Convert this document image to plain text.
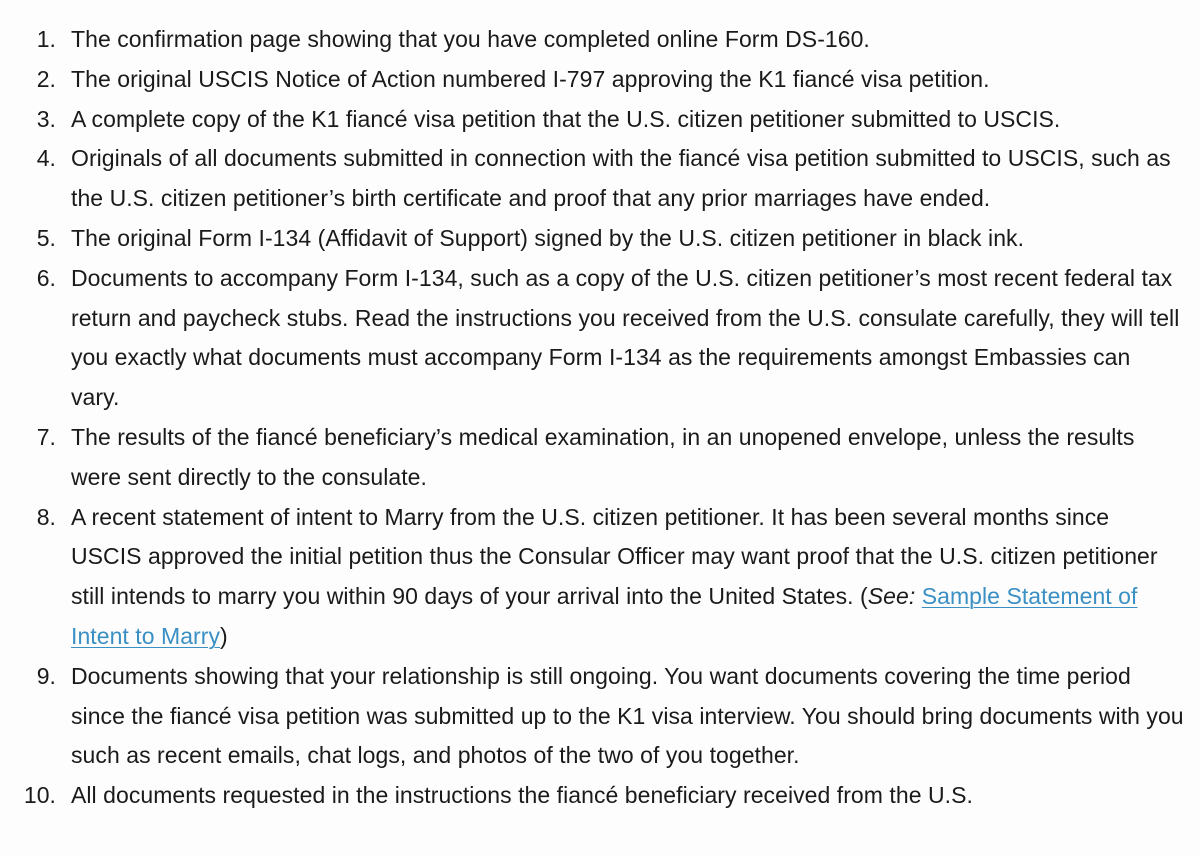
1. The confirmation page showing that you have completed online Form DS-160.
2. The original USCIS Notice of Action numbered I-797 approving the K1 fiancé visa petition.
3. A complete copy of the K1 fiancé visa petition that the U.S. citizen petitioner submitted to USCIS.
4. Originals of all documents submitted in connection with the fiancé visa petition submitted to USCIS, such as the U.S. citizen petitioner’s birth certificate and proof that any prior marriages have ended.
5. The original Form I-134 (Affidavit of Support) signed by the U.S. citizen petitioner in black ink.
6. Documents to accompany Form I-134, such as a copy of the U.S. citizen petitioner’s most recent federal tax return and paycheck stubs. Read the instructions you received from the U.S. consulate carefully, they will tell you exactly what documents must accompany Form I-134 as the requirements amongst Embassies can vary.
7. The results of the fiancé beneficiary’s medical examination, in an unopened envelope, unless the results were sent directly to the consulate.
8. A recent statement of intent to Marry from the U.S. citizen petitioner. It has been several months since USCIS approved the initial petition thus the Consular Officer may want proof that the U.S. citizen petitioner still intends to marry you within 90 days of your arrival into the United States. (See: Sample Statement of Intent to Marry)
9. Documents showing that your relationship is still ongoing. You want documents covering the time period since the fiancé visa petition was submitted up to the K1 visa interview. You should bring documents with you such as recent emails, chat logs, and photos of the two of you together.
10. All documents requested in the instructions the fiancé beneficiary received from the U.S.
